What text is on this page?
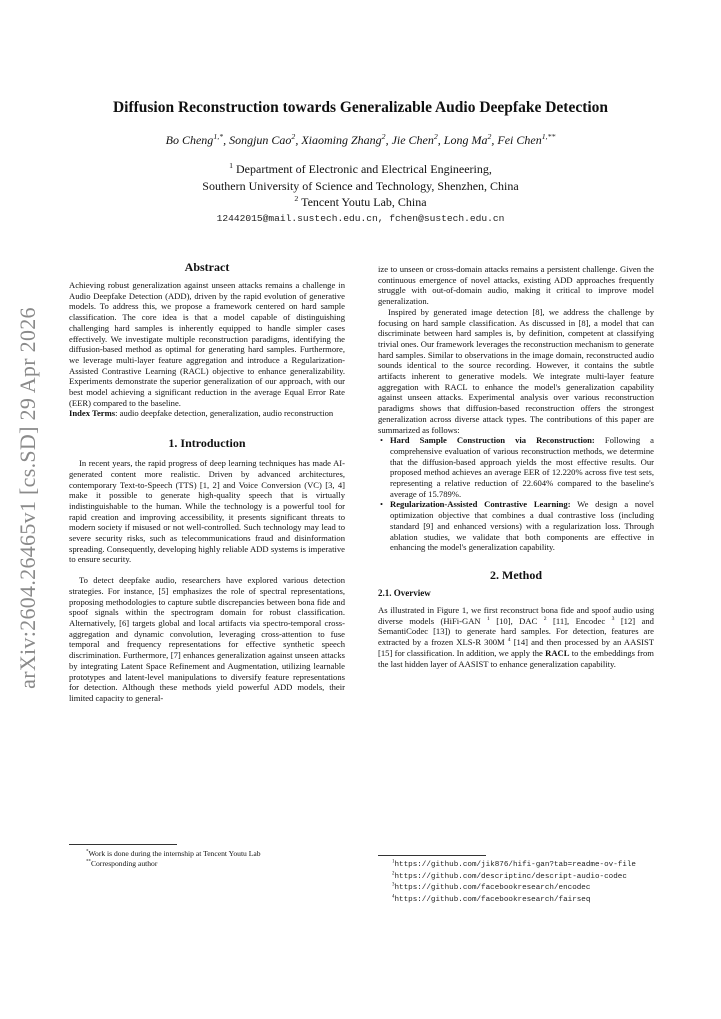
arXiv:2604.26465v1 [cs.SD] 29 Apr 2026
Diffusion Reconstruction towards Generalizable Audio Deepfake Detection
Bo Cheng$^{1,*}$, Songjun Cao$^2$, Xiaoming Zhang$^2$, Jie Chen$^2$, Long Ma$^2$, Fei Chen$^{1,**}$
$^1$ Department of Electronic and Electrical Engineering,
Southern University of Science and Technology, Shenzhen, China
$^2$ Tencent Youtu Lab, China
12442015@mail.sustech.edu.cn, fchen@sustech.edu.cn
Abstract

Achieving robust generalization against unseen attacks remains a challenge in Audio Deepfake Detection (ADD), driven by the rapid evolution of generative models. To address this, we propose a framework centered on hard sample classification. The core idea is that a model capable of distinguishing challenging hard samples is inherently equipped to handle simpler cases effectively. We investigate multiple reconstruction paradigms, identifying the diffusion-based method as optimal for generating hard samples. Furthermore, we leverage multi-layer feature aggregation and introduce a Regularization-Assisted Contrastive Learning (RACL) objective to enhance generalizability. Experiments demonstrate the superior generalization of our approach, with our best model achieving a significant reduction in the average Equal Error Rate (EER) compared to the baseline.

Index Terms: audio deepfake detection, generalization, audio reconstruction

1. Introduction

In recent years, the rapid progress of deep learning techniques has made AI-generated content more realistic. Driven by advanced architectures, contemporary Text-to-Speech (TTS) [1, 2] and Voice Conversion (VC) [3, 4] make it possible to generate high-quality speech that is virtually indistinguishable to the human. While the technology is a powerful tool for rapid creation and improving accessibility, it presents significant threats to modern society if misused or not well-controlled. Such technology may lead to severe security risks, such as telecommunications fraud and disinformation spreading. Consequently, developing highly reliable ADD systems is imperative to ensure security.

To detect deepfake audio, researchers have explored various detection strategies. For instance, [5] emphasizes the role of spectral representations, proposing methodologies to capture subtle discrepancies between bona fide and spoof signals within the spectrogram domain for robust classification. Alternatively, [6] targets global and local artifacts via spectro-temporal cross-aggregation and dynamic convolution, leveraging cross-attention to fuse temporal and frequency representations for effective synthetic speech discrimination. Furthermore, [7] enhances generalization against unseen attacks by integrating Latent Space Refinement and Augmentation, utilizing learnable prototypes and latent-level manipulations to diversify feature representations for detection. Although these methods yield powerful ADD models, their limited capacity to general-

*Work is done during the internship at Tencent Youtu Lab
**Corresponding author

ize to unseen or cross-domain attacks remains a persistent challenge. Given the continuous emergence of novel attacks, existing ADD approaches frequently struggle with out-of-domain audio, making it critical to improve model generalization.

Inspired by generated image detection [8], we address the challenge by focusing on hard sample classification. As discussed in [8], a model that can discriminate between hard samples is, by definition, competent at classifying trivial ones. Our framework leverages the reconstruction mechanism to generate hard samples. Similar to observations in the image domain, reconstructed audio sounds identical to the source recording. However, it contains the subtle artifacts inherent to generative models. We integrate multi-layer feature aggregation with RACL to enhance the model's generalization capability against unseen attacks. Experimental analysis over various reconstruction paradigms shows that diffusion-based reconstruction offers the strongest generalization across diverse attack types. The contributions of this paper are summarized as follows:

• Hard Sample Construction via Reconstruction: Following a comprehensive evaluation of various reconstruction methods, we determine that the diffusion-based approach yields the most effective results. Our proposed method achieves an average EER of 12.220% across five test sets, representing a relative reduction of 22.604% compared to the baseline's average of 15.789%.
• Regularization-Assisted Contrastive Learning: We design a novel optimization objective that combines a dual contrastive loss (including standard [9] and enhanced versions) with a regularization loss. Through ablation studies, we validate that both components are effective in enhancing the model's generalization capability.
2. Method
2.1. Overview

As illustrated in Figure 1, we first reconstruct bona fide and spoof audio using diverse models (HiFi-GAN $^1$ [10], DAC $^2$ [11], Encodec $^3$ [12] and SemantiCodec [13]) to generate hard samples. For detection, features are extracted by a frozen XLS-R 300M $^4$ [14] and then processed by an AASIST [15] for classification. In addition, we apply the RACL to the embeddings from the last hidden layer of AASIST to enhance generalization capability.

$^1$https://github.com/jik876/hifi-gan?tab=readme-ov-file
$^2$https://github.com/descriptinc/descript-audio-codec
$^3$https://github.com/facebookresearch/encodec
$^4$https://github.com/facebookresearch/fairseq
